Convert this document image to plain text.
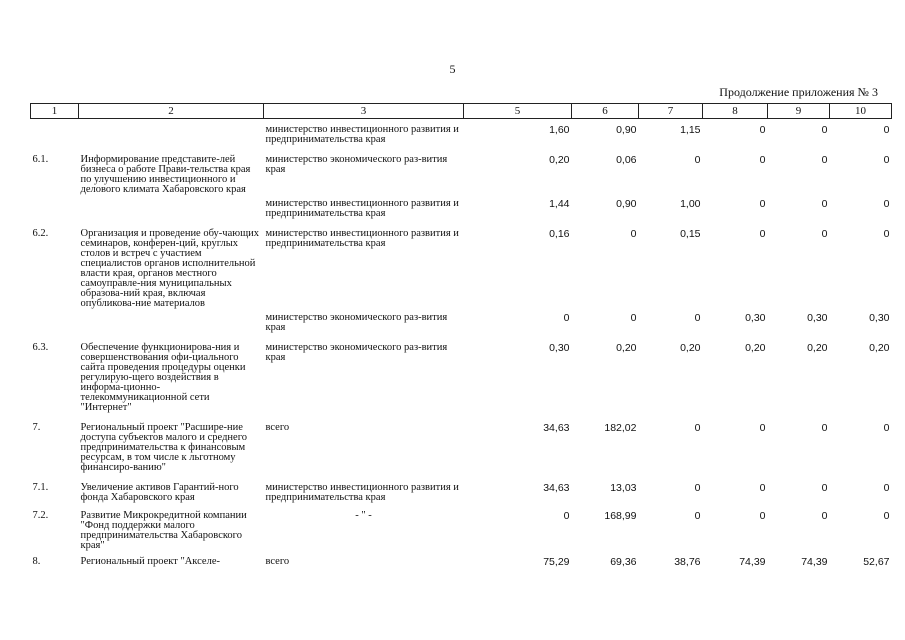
5
Продолжение приложения № 3
1	2	3	5	6	7	8	9	10

		министерство инвестиционного развития и предпринимательства края	1,60	0,90	1,15	0	0	0

6.1.	Информирование представите-лей бизнеса о работе Прави-тельства края по улучшению инвестиционного и делового климата Хабаровского края	министерство экономического раз-вития края	0,20	0,06	0	0	0	0

		министерство инвестиционного развития и предпринимательства края	1,44	0,90	1,00	0	0	0

6.2.	Организация и проведение обу-чающих семинаров, конферен-ций, круглых столов и встреч с участием специалистов органов исполнительной власти края, органов местного самоуправле-ния муниципальных образова-ний края, включая опубликова-ние материалов	министерство инвестиционного развития и предпринимательства края	0,16	0	0,15	0	0	0

		министерство экономического раз-вития края	0	0	0	0,30	0,30	0,30

6.3.	Обеспечение функционирова-ния и совершенствования офи-циального сайта проведения процедуры оценки регулирую-щего воздействия в информа-ционно-телекоммуникационной сети "Интернет"	министерство экономического раз-вития края	0,30	0,20	0,20	0,20	0,20	0,20

7.	Региональный проект "Расшире-ние доступа субъектов малого и среднего предпринимательства к финансовым ресурсам, в том числе к льготному финансиро-ванию"	всего	34,63	182,02	0	0	0	0

7.1.	Увеличение активов Гарантий-ного фонда Хабаровского края	министерство инвестиционного развития и предпринимательства края	34,63	13,03	0	0	0	0

7.2.	Развитие Микрокредитной компании "Фонд поддержки малого предпринимательства Хабаровского края"	- " -	0	168,99	0	0	0	0

8.	Региональный проект "Акселе-	всего	75,29	69,36	38,76	74,39	74,39	52,67
